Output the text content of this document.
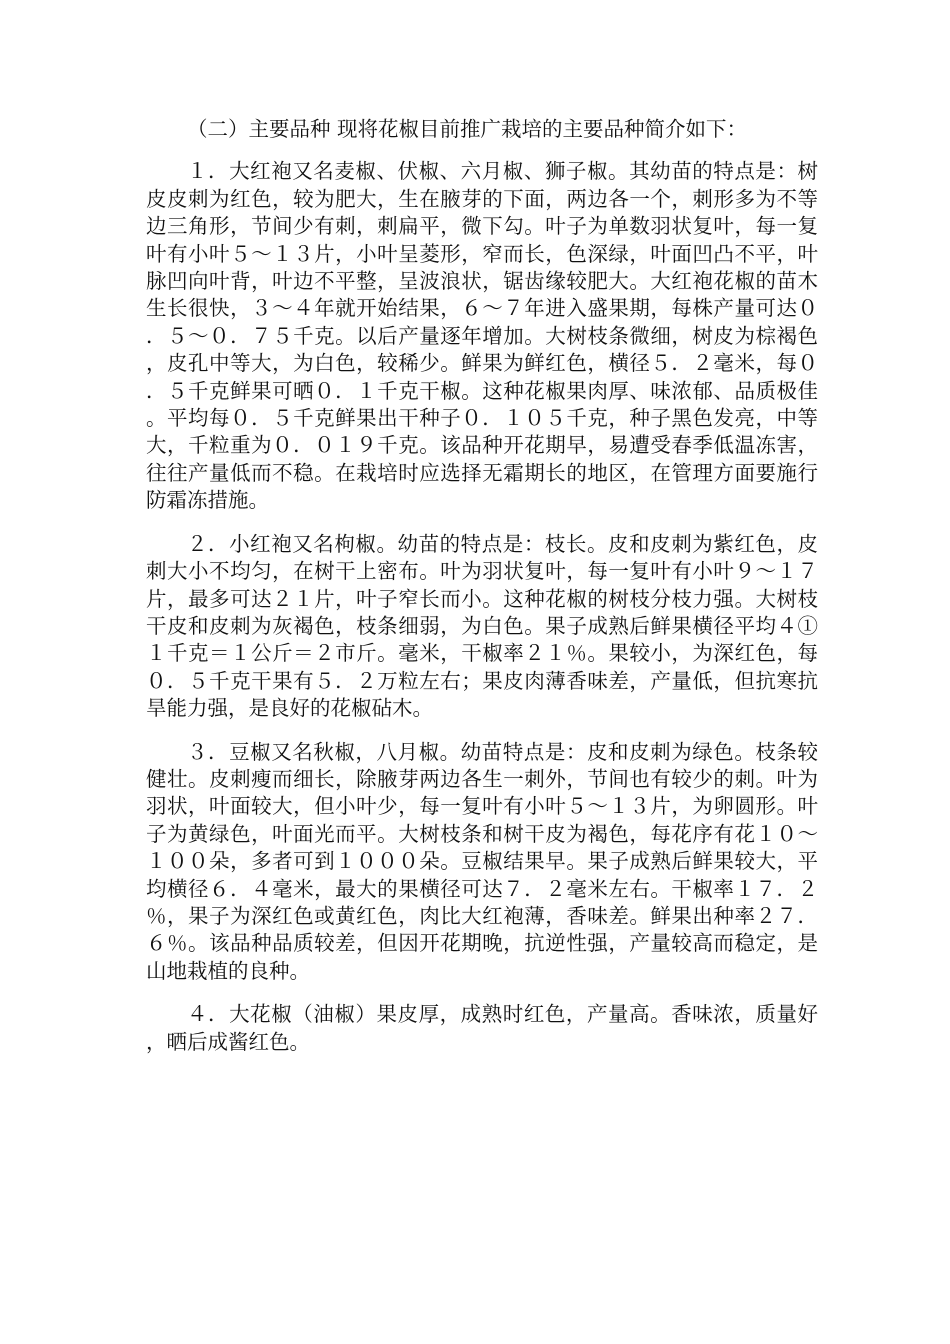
（二）主要品种 现将花椒目前推广栽培的主要品种简介如下：

１．大红袍又名麦椒、伏椒、六月椒、狮子椒。其幼苗的特点是：树皮皮刺为红色，较为肥大，生在腋芽的下面，两边各一个，刺形多为不等边三角形，节间少有刺，刺扁平，微下勾。叶子为单数羽状复叶，每一复叶有小叶５～１３片，小叶呈菱形，窄而长，色深绿，叶面凹凸不平，叶脉凹向叶背，叶边不平整，呈波浪状，锯齿缘较肥大。大红袍花椒的苗木生长很快，３～４年就开始结果，６～７年进入盛果期，每株产量可达０．５～０．７５千克。以后产量逐年增加。大树枝条微细，树皮为棕褐色，皮孔中等大，为白色，较稀少。鲜果为鲜红色，横径５．２毫米，每０．５千克鲜果可晒０．１千克干椒。这种花椒果肉厚、味浓郁、品质极佳。平均每０．５千克鲜果出干种子０．１０５千克，种子黑色发亮，中等大，千粒重为０．０１９千克。该品种开花期早，易遭受春季低温冻害，往往产量低而不稳。在栽培时应选择无霜期长的地区，在管理方面要施行防霜冻措施。

２．小红袍又名枸椒。幼苗的特点是：枝长。皮和皮刺为紫红色，皮刺大小不均匀，在树干上密布。叶为羽状复叶，每一复叶有小叶９～１７片，最多可达２１片，叶子窄长而小。这种花椒的树枝分枝力强。大树枝干皮和皮刺为灰褐色，枝条细弱，为白色。果子成熟后鲜果横径平均４①１千克＝１公斤＝２市斤。毫米，干椒率２１％。果较小，为深红色，每０．５千克干果有５．２万粒左右；果皮肉薄香味差，产量低，但抗寒抗旱能力强，是良好的花椒砧木。

３．豆椒又名秋椒，八月椒。幼苗特点是：皮和皮刺为绿色。枝条较健壮。皮刺瘦而细长，除腋芽两边各生一刺外，节间也有较少的刺。叶为羽状，叶面较大，但小叶少，每一复叶有小叶５～１３片，为卵圆形。叶子为黄绿色，叶面光而平。大树枝条和树干皮为褐色，每花序有花１０～１００朵，多者可到１０００朵。豆椒结果早。果子成熟后鲜果较大，平均横径６．４毫米，最大的果横径可达７．２毫米左右。干椒率１７．２％，果子为深红色或黄红色，肉比大红袍薄，香味差。鲜果出种率２７．６％。该品种品质较差，但因开花期晚，抗逆性强，产量较高而稳定，是山地栽植的良种。

４．大花椒（油椒）果皮厚，成熟时红色，产量高。香味浓，质量好，晒后成酱红色。
